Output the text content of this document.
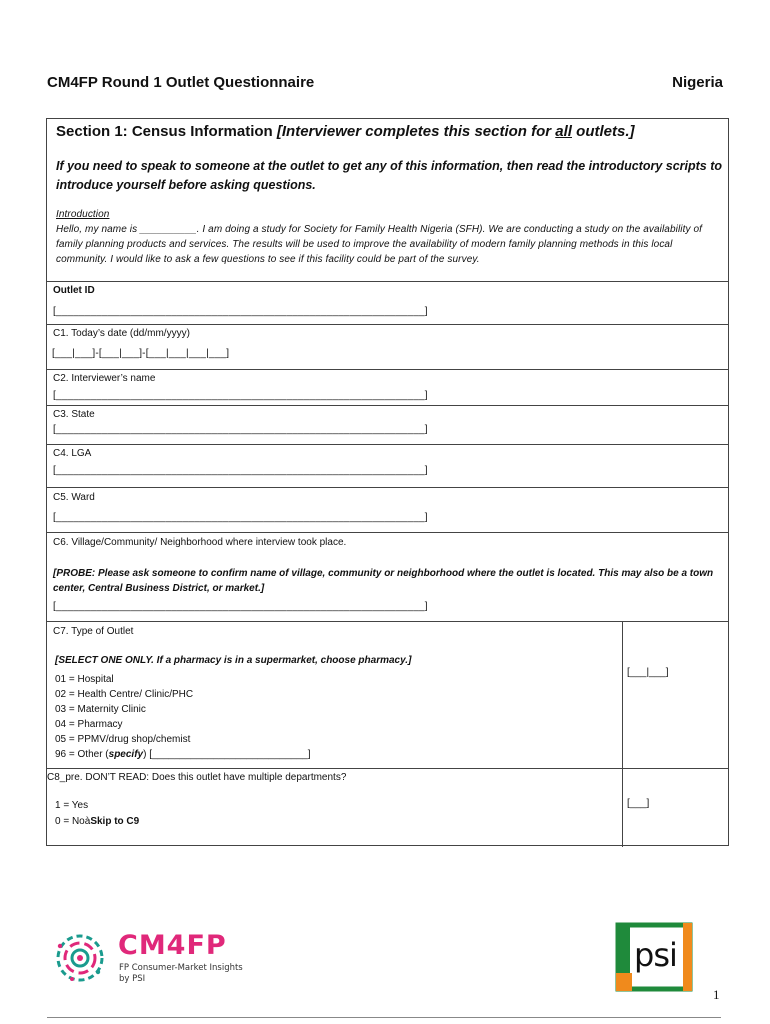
CM4FP Round 1 Outlet Questionnaire	Nigeria
Section 1: Census Information [Interviewer completes this section for all outlets.]
If you need to speak to someone at the outlet to get any of this information, then read the introductory scripts to introduce yourself before asking questions.
Introduction
Hello, my name is __________. I am doing a study for Society for Family Health Nigeria (SFH). We are conducting a study on the availability of family planning products and services. The results will be used to improve the availability of modern family planning methods in this local community. I would like to ask a few questions to see if this facility could be part of the survey.
Outlet ID
[________________________________________________________________]
C1. Today’s date (dd/mm/yyyy)
[___|___]-[___|___]-[___|___|___|___]
C2. Interviewer’s name
[________________________________________________________________]
C3. State
[________________________________________________________________]
C4. LGA
[________________________________________________________________]
C5. Ward
[________________________________________________________________]
C6. Village/Community/ Neighborhood where interview took place.
[PROBE: Please ask someone to confirm name of village, community or neighborhood where the outlet is located. This may also be a town center, Central Business District, or market.]
[________________________________________________________________]
C7. Type of Outlet
[SELECT ONE ONLY. If a pharmacy is in a supermarket, choose pharmacy.]
01 = Hospital
02 = Health Centre/ Clinic/PHC
03 = Maternity Clinic
04 = Pharmacy
05 = PPMV/drug shop/chemist
96 = Other (specify) [____________________________]
[___|___]
C8_pre. DON’T READ: Does this outlet have multiple departments?
1 = Yes
0 = NoàSkip to C9
[___]
CM4FP
FP Consumer-Market Insights
by PSI
psi
1
